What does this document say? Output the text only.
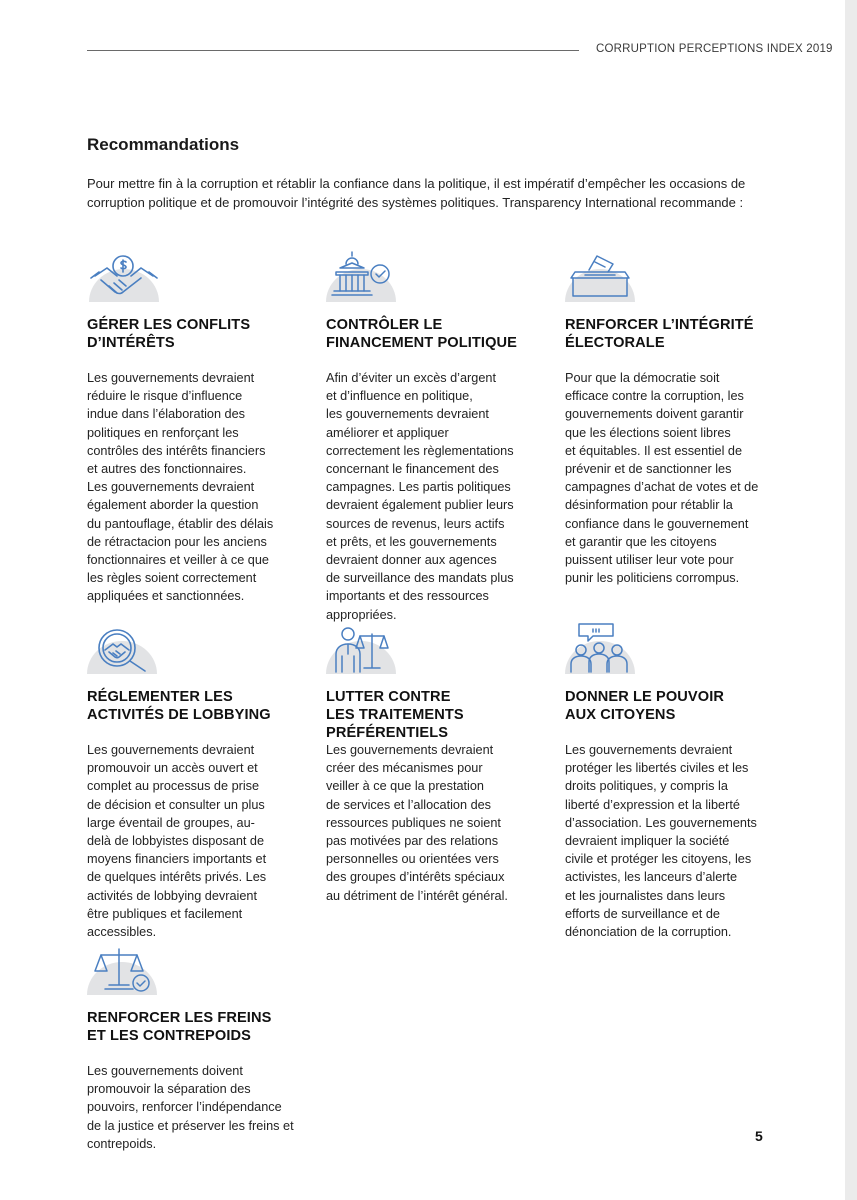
CORRUPTION PERCEPTIONS INDEX 2019
Recommandations
Pour mettre fin à la corruption et rétablir la confiance dans la politique, il est impératif d’empêcher les occasions de
corruption politique et de promouvoir l’intégrité des systèmes politiques. Transparency International recommande :
GÉRER LES CONFLITS
D’INTÉRÊTS
Les gouvernements devraient
réduire le risque d’influence
indue dans l’élaboration des
politiques en renforçant les
contrôles des intérêts financiers
et autres des fonctionnaires.
Les gouvernements devraient
également aborder la question
du pantouflage, établir des délais
de rétractacion pour les anciens
fonctionnaires et veiller à ce que
les règles soient correctement
appliquées et sanctionnées.
CONTRÔLER LE
FINANCEMENT POLITIQUE
Afin d’éviter un excès d’argent
et d’influence en politique,
les gouvernements devraient
améliorer et appliquer
correctement les règlementations
concernant le financement des
campagnes. Les partis politiques
devraient également publier leurs
sources de revenus, leurs actifs
et prêts, et les gouvernements
devraient donner aux agences
de surveillance des mandats plus
importants et des ressources
appropriées.
RENFORCER L’INTÉGRITÉ
ÉLECTORALE
Pour que la démocratie soit
efficace contre la corruption, les
gouvernements doivent garantir
que les élections soient libres
et équitables. Il est essentiel de
prévenir et de sanctionner les
campagnes d’achat de votes et de
désinformation pour rétablir la
confiance dans le gouvernement
et garantir que les citoyens
puissent utiliser leur vote pour
punir les politiciens corrompus.
RÉGLEMENTER LES
ACTIVITÉS DE LOBBYING
Les gouvernements devraient
promouvoir un accès ouvert et
complet au processus de prise
de décision et consulter un plus
large éventail de groupes, au-
delà de lobbyistes disposant de
moyens financiers importants et
de quelques intérêts privés. Les
activités de lobbying devraient
être publiques et facilement
accessibles.
LUTTER CONTRE
LES TRAITEMENTS
PRÉFÉRENTIELS
Les gouvernements devraient
créer des mécanismes pour
veiller à ce que la prestation
de services et l’allocation des
ressources publiques ne soient
pas motivées par des relations
personnelles ou orientées vers
des groupes d’intérêts spéciaux
au détriment de l’intérêt général.
DONNER LE POUVOIR
AUX CITOYENS
Les gouvernements devraient
protéger les libertés civiles et les
droits politiques, y compris la
liberté d’expression et la liberté
d’association. Les gouvernements
devraient impliquer la société
civile et protéger les citoyens, les
activistes, les lanceurs d’alerte
et les journalistes dans leurs
efforts de surveillance et de
dénonciation de la corruption.
RENFORCER LES FREINS
ET LES CONTREPOIDS
Les gouvernements doivent
promouvoir la séparation des
pouvoirs, renforcer l’indépendance
de la justice et préserver les freins et
contrepoids.	5
